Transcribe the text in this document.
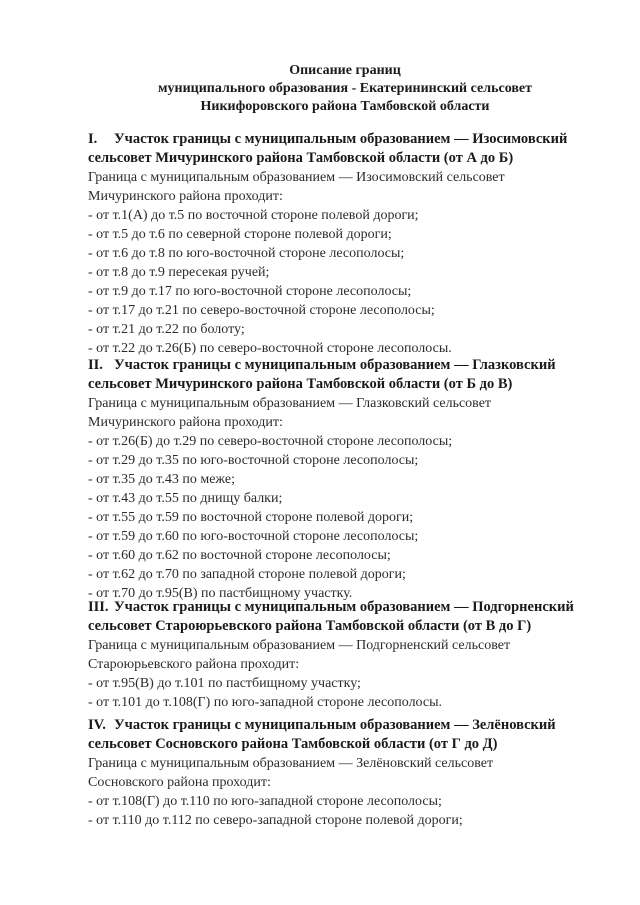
Описание границ
муниципального образования - Екатерининский сельсовет
Никифоровского района Тамбовской области
I. Участок границы с муниципальным образованием — Изосимовский
сельсовет Мичуринского района Тамбовской области (от А до Б)
Граница с муниципальным образованием — Изосимовский сельсовет
Мичуринского района проходит:
- от т.1(А) до т.5 по восточной стороне полевой дороги;
- от т.5 до т.6 по северной стороне полевой дороги;
- от т.6 до т.8 по юго-восточной стороне лесополосы;
- от т.8 до т.9 пересекая ручей;
- от т.9 до т.17 по юго-восточной стороне лесополосы;
- от т.17 до т.21 по северо-восточной стороне лесополосы;
- от т.21 до т.22 по болоту;
- от т.22 до т.26(Б) по северо-восточной стороне лесополосы.
II. Участок границы с муниципальным образованием — Глазковский
сельсовет Мичуринского района Тамбовской области (от Б до В)
Граница с муниципальным образованием — Глазковский сельсовет
Мичуринского района проходит:
- от т.26(Б) до т.29 по северо-восточной стороне лесополосы;
- от т.29 до т.35 по юго-восточной стороне лесополосы;
- от т.35 до т.43 по меже;
- от т.43 до т.55 по днищу балки;
- от т.55 до т.59 по восточной стороне полевой дороги;
- от т.59 до т.60 по юго-восточной стороне лесополосы;
- от т.60 до т.62 по восточной стороне лесополосы;
- от т.62 до т.70 по западной стороне полевой дороги;
- от т.70 до т.95(В) по пастбищному участку.
III. Участок границы с муниципальным образованием — Подгорненский
сельсовет Староюрьевского района Тамбовской области (от В до Г)
Граница с муниципальным образованием — Подгорненский сельсовет
Староюрьевского района проходит:
- от т.95(В) до т.101 по пастбищному участку;
- от т.101 до т.108(Г) по юго-западной стороне лесополосы.
IV. Участок границы с муниципальным образованием — Зелёновский
сельсовет Сосновского района Тамбовской области (от Г до Д)
Граница с муниципальным образованием — Зелёновский сельсовет
Сосновского района проходит:
- от т.108(Г) до т.110 по юго-западной стороне лесополосы;
- от т.110 до т.112 по северо-западной стороне полевой дороги;
